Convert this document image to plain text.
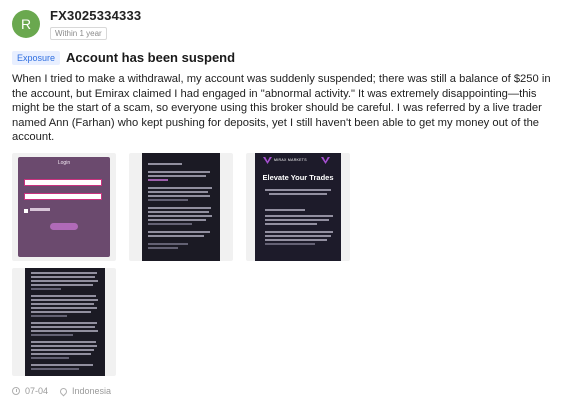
R
FX3025334333
Within 1 year
Exposure Account has been suspend
When I tried to make a withdrawal, my account was suddenly suspended; there was still a balance of $250 in the account, but Emirax claimed I had engaged in "abnormal activity." It was extremely disappointing—this might be the start of a scam, so everyone using this broker should be careful. I was referred by a live trader named Ann (Farhan) who kept pushing for deposits, yet I still haven't been able to get my money out of the account.
Login	MIRAX MARKETS
Elevate Your Trades
07-04	Indonesia
